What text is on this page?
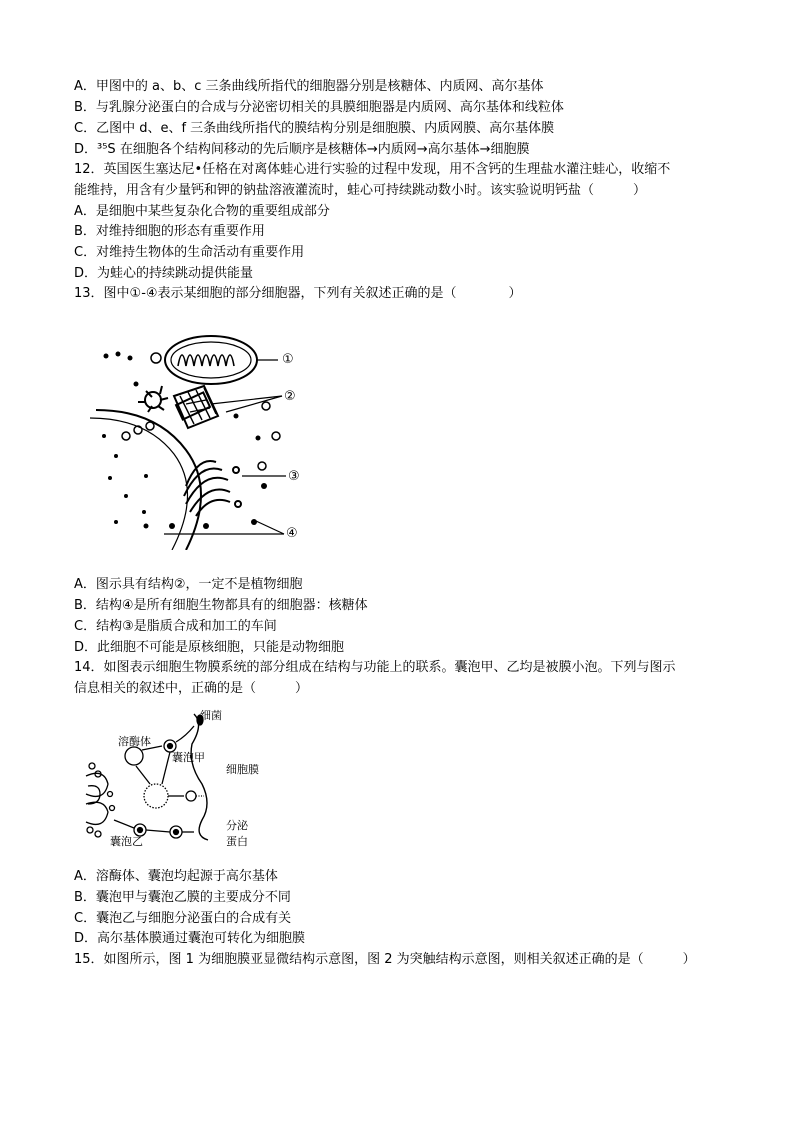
A．甲图中的 a、b、c 三条曲线所指代的细胞器分别是核糖体、内质网、高尔基体
B．与乳腺分泌蛋白的合成与分泌密切相关的具膜细胞器是内质网、高尔基体和线粒体
C．乙图中 d、e、f 三条曲线所指代的膜结构分别是细胞膜、内质网膜、高尔基体膜
D．³⁵S 在细胞各个结构间移动的先后顺序是核糖体→内质网→高尔基体→细胞膜
12．英国医生塞达尼•任格在对离体蛙心进行实验的过程中发现，用不含钙的生理盐水灌注蛙心，收缩不
能维持，用含有少量钙和钾的钠盐溶液灌流时，蛙心可持续跳动数小时。该实验说明钙盐（　　　）
A．是细胞中某些复杂化合物的重要组成部分
B．对维持细胞的形态有重要作用
C．对维持生物体的生命活动有重要作用
D．为蛙心的持续跳动提供能量
13．图中①-④表示某细胞的部分细胞器，下列有关叙述正确的是（　　　　）
①
②
③
④
A．图示具有结构②，一定不是植物细胞
B．结构④是所有细胞生物都具有的细胞器：核糖体
C．结构③是脂质合成和加工的车间
D．此细胞不可能是原核细胞，只能是动物细胞
14．如图表示细胞生物膜系统的部分组成在结构与功能上的联系。囊泡甲、乙均是被膜小泡。下列与图示
信息相关的叙述中，正确的是（　　　）
细菌
溶酶体
囊泡甲
细胞膜
囊泡乙
分泌
蛋白
A．溶酶体、囊泡均起源于高尔基体
B．囊泡甲与囊泡乙膜的主要成分不同
C．囊泡乙与细胞分泌蛋白的合成有关
D．高尔基体膜通过囊泡可转化为细胞膜
15．如图所示，图 1 为细胞膜亚显微结构示意图，图 2 为突触结构示意图，则相关叙述正确的是（　　　）
